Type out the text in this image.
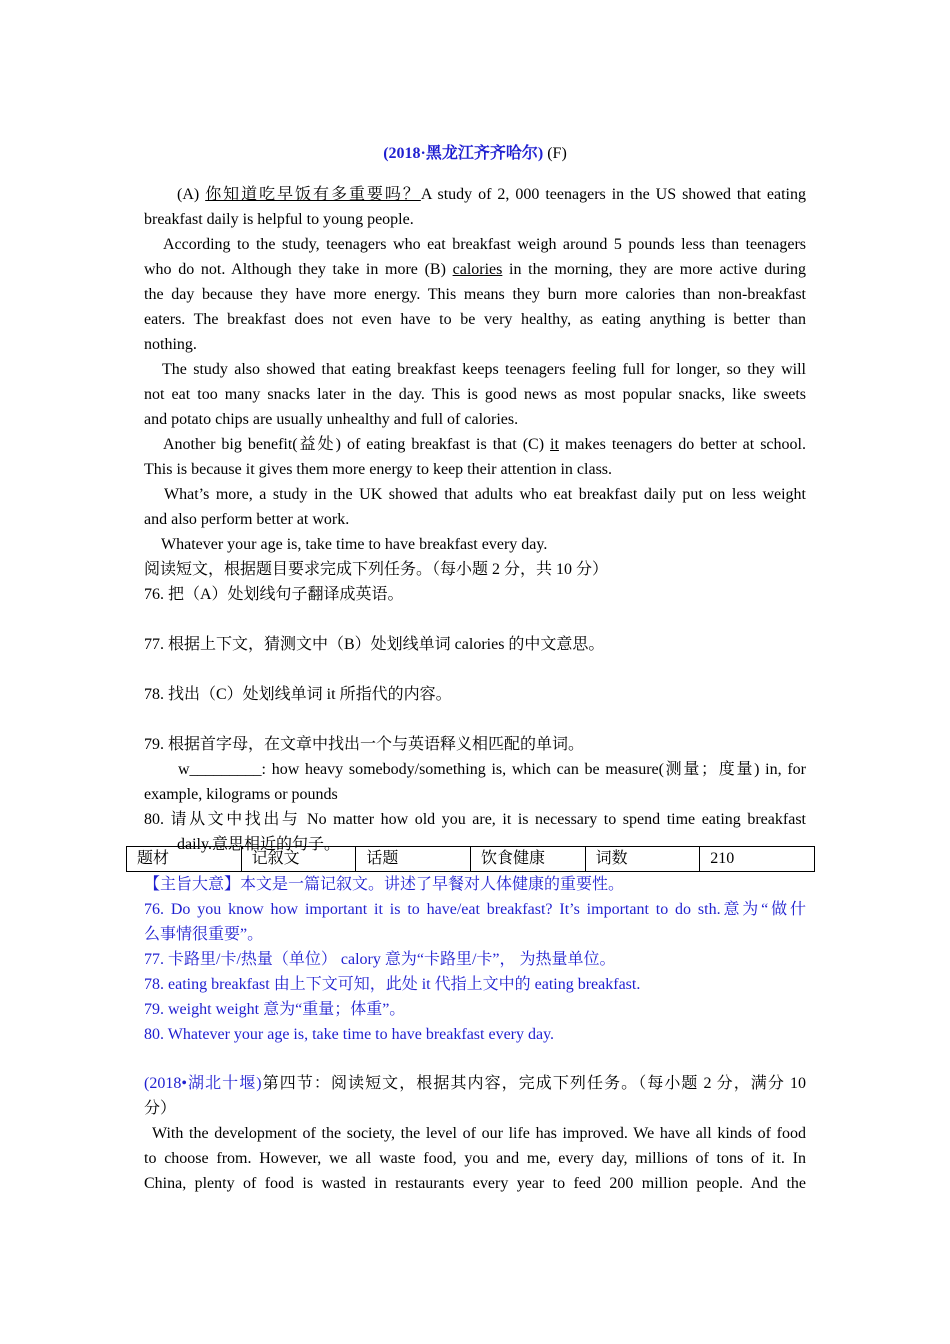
(2018·黑龙江齐齐哈尔) (F)

(A) 你知道吃早饭有多重要吗？A study of 2, 000 teenagers in the US showed that eating

breakfast daily is helpful to young people.

According to the study, teenagers who eat breakfast weigh around 5 pounds less than teenagers

who do not. Although they take in more (B) calories in the morning, they are more active during

the day because they have more energy. This means they burn more calories than non-breakfast

eaters. The breakfast does not even have to be very healthy, as eating anything is better than

nothing.

The study also showed that eating breakfast keeps teenagers feeling full for longer, so they will

not eat too many snacks later in the day. This is good news as most popular snacks, like sweets

and potato chips are usually unhealthy and full of calories.

Another big benefit(益处) of eating breakfast is that (C) it makes teenagers do better at school.

This is because it gives them more energy to keep their attention in class.

What’s more, a study in the UK showed that adults who eat breakfast daily put on less weight

and also perform better at work.

Whatever your age is, take time to have breakfast every day.

阅读短文，根据题目要求完成下列任务。（每小题 2 分，共 10 分）

76. 把（A）处划线句子翻译成英语。

77. 根据上下文，猜测文中（B）处划线单词 calories 的中文意思。

78. 找出（C）处划线单词 it 所指代的内容。

79. 根据首字母，在文章中找出一个与英语释义相匹配的单词。

w_________: how heavy somebody/something is, which can be measure(测量；度量) in, for

example, kilograms or pounds

80. 请从文中找出与 No matter how old you are, it is necessary to spend time eating breakfast

daily.意思相近的句子。

题材	记叙文	话题	饮食健康	词数	210

【主旨大意】本文是一篇记叙文。讲述了早餐对人体健康的重要性。

76. Do you know how important it is to have/eat breakfast? It’s important to do sth.意为“做什

么事情很重要”。

77. 卡路里/卡/热量（单位） calory 意为“卡路里/卡”， 为热量单位。

78. eating breakfast 由上下文可知，此处 it 代指上文中的 eating breakfast.

79. weight weight 意为“重量；体重”。

80. Whatever your age is, take time to have breakfast every day.

(2018•湖北十堰)第四节：阅读短文，根据其内容，完成下列任务。（每小题 2 分，满分 10

分）

With the development of the society, the level of our life has improved. We have all kinds of food

to choose from. However, we all waste food, you and me, every day, millions of tons of it. In

China, plenty of food is wasted in restaurants every year to feed 200 million people. And the
